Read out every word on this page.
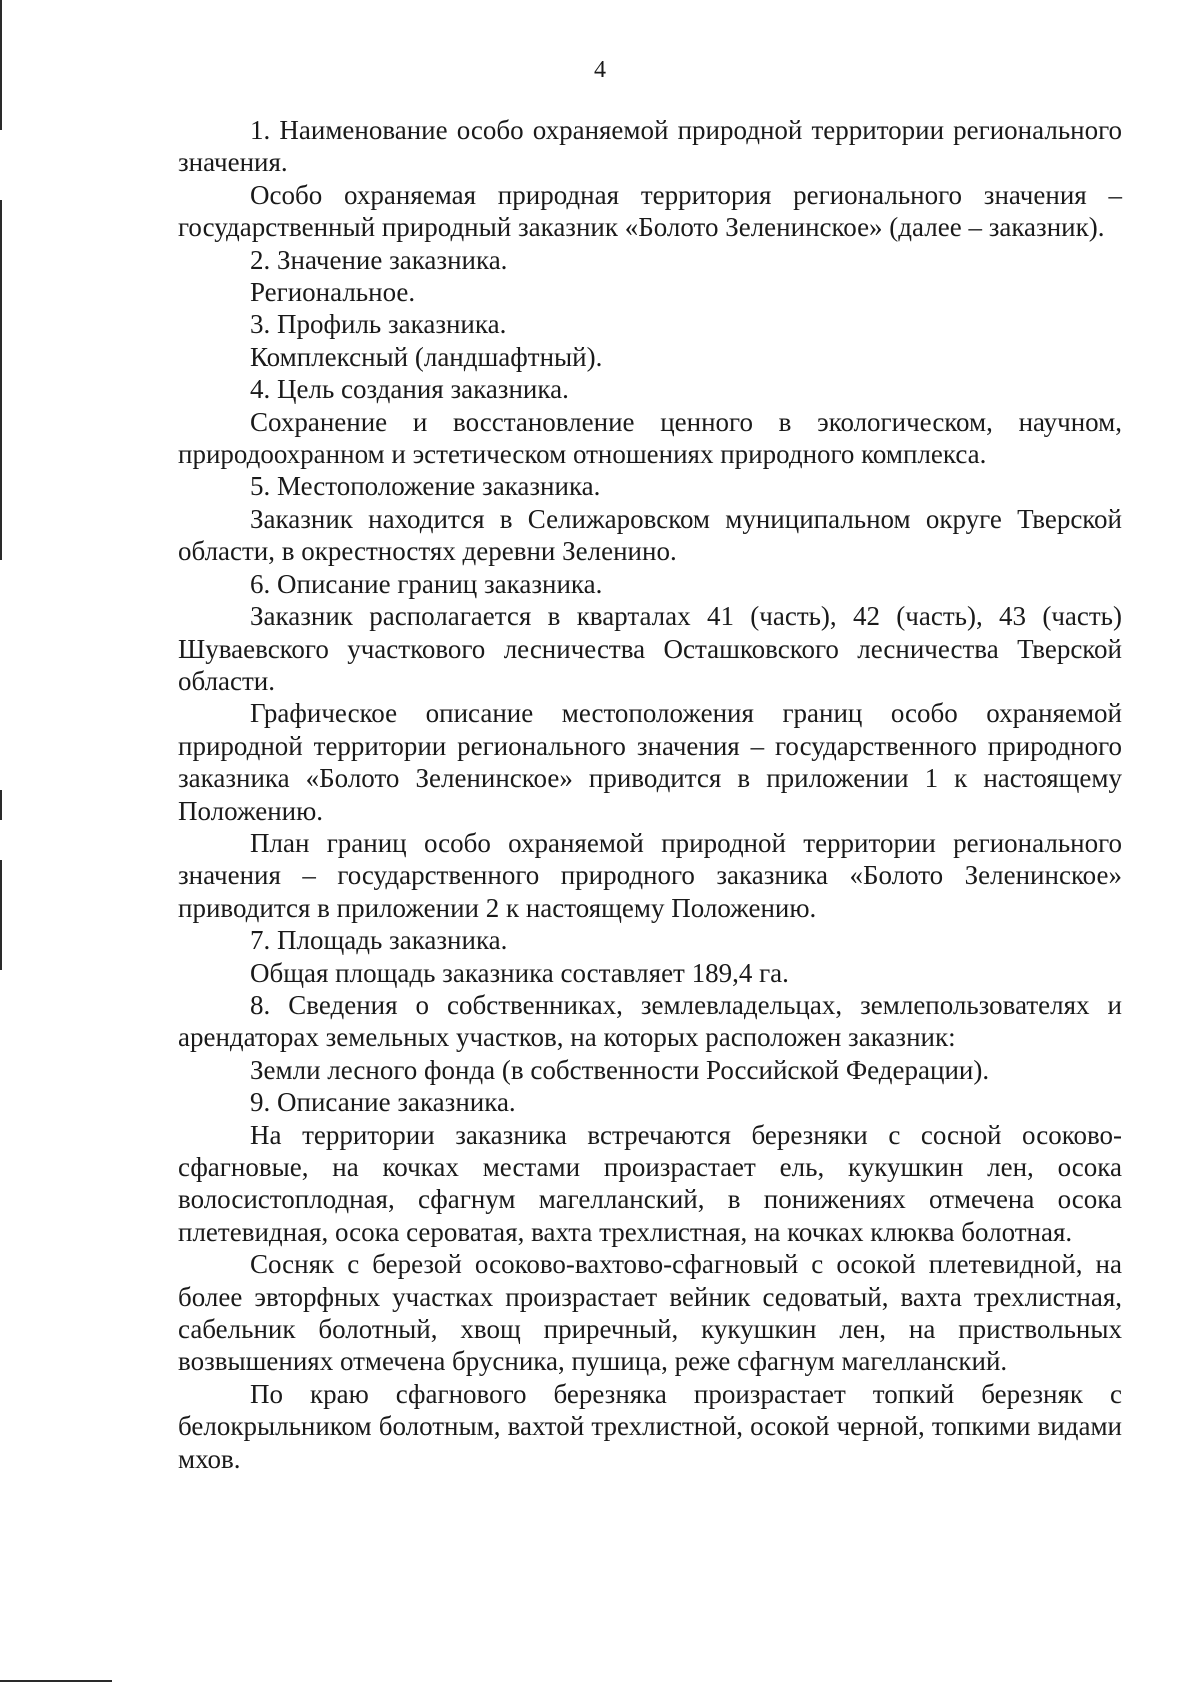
4

1. Наименование особо охраняемой природной территории регионального значения.

Особо охраняемая природная территория регионального значения – государственный природный заказник «Болото Зеленинское» (далее – заказник).

2. Значение заказника.

Региональное.

3. Профиль заказника.

Комплексный (ландшафтный).

4. Цель создания заказника.

Сохранение и восстановление ценного в экологическом, научном, природоохранном и эстетическом отношениях природного комплекса.

5. Местоположение заказника.

Заказник находится в Селижаровском муниципальном округе Тверской области, в окрестностях деревни Зеленино.

6. Описание границ заказника.

Заказник располагается в кварталах 41 (часть), 42 (часть), 43 (часть) Шуваевского участкового лесничества Осташковского лесничества Тверской области.

Графическое описание местоположения границ особо охраняемой природной территории регионального значения – государственного природного заказника «Болото Зеленинское» приводится в приложении 1 к настоящему Положению.

План границ особо охраняемой природной территории регионального значения – государственного природного заказника «Болото Зеленинское» приводится в приложении 2 к настоящему Положению.

7. Площадь заказника.

Общая площадь заказника составляет 189,4 га.

8. Сведения о собственниках, землевладельцах, землепользователях и арендаторах земельных участков, на которых расположен заказник:

Земли лесного фонда (в собственности Российской Федерации).

9. Описание заказника.

На территории заказника встречаются березняки с сосной осоково-сфагновые, на кочках местами произрастает ель, кукушкин лен, осока волосистоплодная, сфагнум магелланский, в понижениях отмечена осока плетевидная, осока сероватая, вахта трехлистная, на кочках клюква болотная.

Сосняк с березой осоково-вахтово-сфагновый с осокой плетевидной, на более эвторфных участках произрастает вейник седоватый, вахта трехлистная, сабельник болотный, хвощ приречный, кукушкин лен, на приствольных возвышениях отмечена брусника, пушица, реже сфагнум магелланский.

По краю сфагнового березняка произрастает топкий березняк с белокрыльником болотным, вахтой трехлистной, осокой черной, топкими видами мхов.
